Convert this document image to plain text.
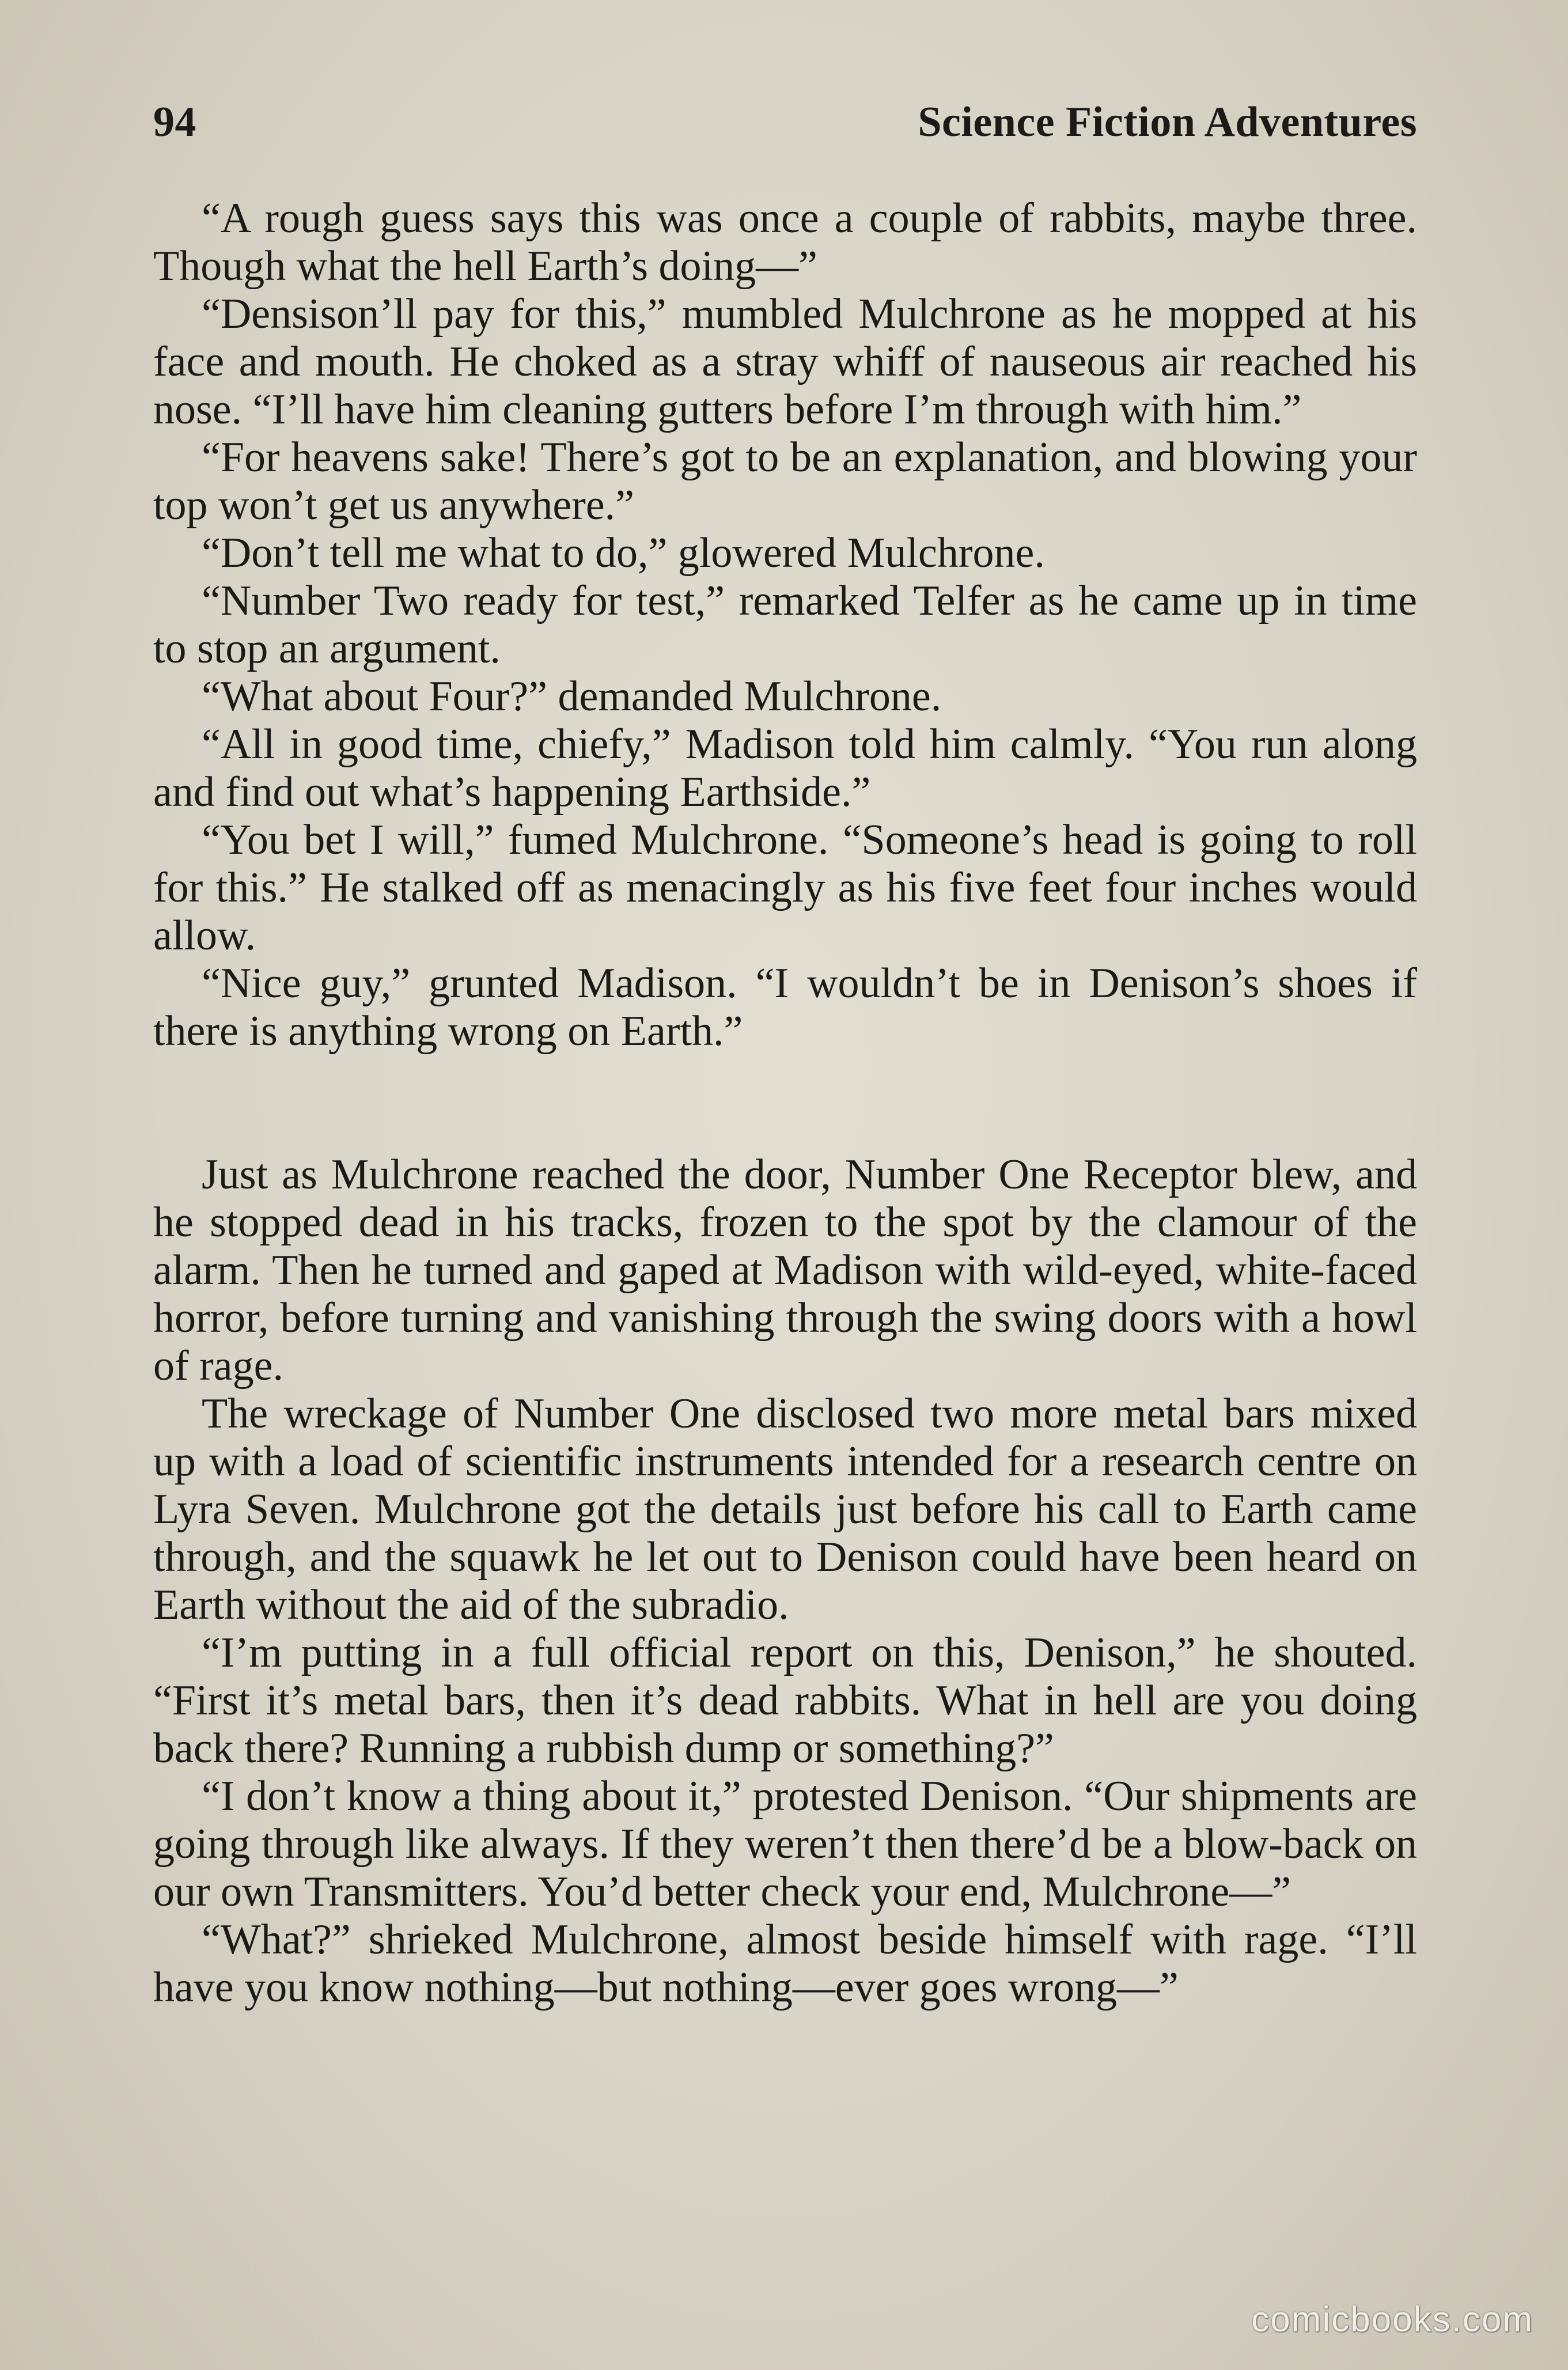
94	Science Fiction Adventures

“A rough guess says this was once a couple of rabbits, maybe three. Though what the hell Earth’s doing—”

“Densison’ll pay for this,” mumbled Mulchrone as he mopped at his face and mouth. He choked as a stray whiff of nauseous air reached his nose. “I’ll have him cleaning gutters before I’m through with him.”

“For heavens sake! There’s got to be an explanation, and blowing your top won’t get us anywhere.”

“Don’t tell me what to do,” glowered Mulchrone.

“Number Two ready for test,” remarked Telfer as he came up in time to stop an argument.

“What about Four?” demanded Mulchrone.

“All in good time, chiefy,” Madison told him calmly. “You run along and find out what’s happening Earthside.”

“You bet I will,” fumed Mulchrone. “Someone’s head is going to roll for this.” He stalked off as menacingly as his five feet four inches would allow.

“Nice guy,” grunted Madison. “I wouldn’t be in Denison’s shoes if there is anything wrong on Earth.”

Just as Mulchrone reached the door, Number One Receptor blew, and he stopped dead in his tracks, frozen to the spot by the clamour of the alarm. Then he turned and gaped at Madison with wild-eyed, white-faced horror, before turning and vanishing through the swing doors with a howl of rage.

The wreckage of Number One disclosed two more metal bars mixed up with a load of scientific instruments intended for a research centre on Lyra Seven. Mulchrone got the details just before his call to Earth came through, and the squawk he let out to Denison could have been heard on Earth without the aid of the subradio.

“I’m putting in a full official report on this, Denison,” he shouted. “First it’s metal bars, then it’s dead rabbits. What in hell are you doing back there? Running a rubbish dump or something?”

“I don’t know a thing about it,” protested Denison. “Our shipments are going through like always. If they weren’t then there’d be a blow-back on our own Transmitters. You’d better check your end, Mulchrone—”

“What?” shrieked Mulchrone, almost beside himself with rage. “I’ll have you know nothing—but nothing—ever goes wrong—”

comicbooks.com
